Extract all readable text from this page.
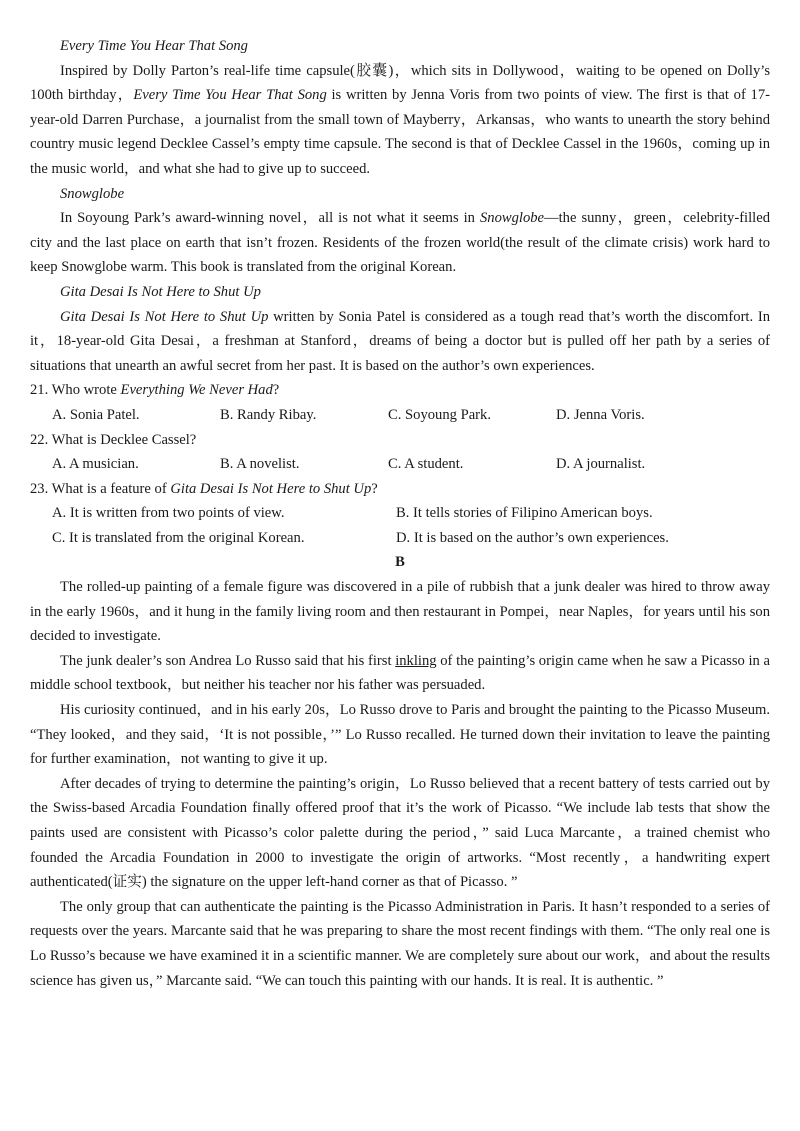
Every Time You Hear That Song

Inspired by Dolly Parton’s real-life time capsule(胶囊)，which sits in Dollywood，waiting to be opened on Dolly’s 100th birthday，Every Time You Hear That Song is written by Jenna Voris from two points of view. The first is that of 17-year-old Darren Purchase，a journalist from the small town of Mayberry，Arkansas，who wants to unearth the story behind country music legend Decklee Cassel’s empty time capsule. The second is that of Decklee Cassel in the 1960s，coming up in the music world，and what she had to give up to succeed.

Snowglobe

In Soyoung Park’s award-winning novel，all is not what it seems in Snowglobe—the sunny，green，celebrity-filled city and the last place on earth that isn’t frozen. Residents of the frozen world(the result of the climate crisis) work hard to keep Snowglobe warm. This book is translated from the original Korean.

Gita Desai Is Not Here to Shut Up

Gita Desai Is Not Here to Shut Up written by Sonia Patel is considered as a tough read that’s worth the discomfort. In it，18-year-old Gita Desai，a freshman at Stanford，dreams of being a doctor but is pulled off her path by a series of situations that unearth an awful secret from her past. It is based on the author’s own experiences.

21. Who wrote Everything We Never Had?

A. Sonia Patel.	B. Randy Ribay.	C. Soyoung Park.	D. Jenna Voris.

22. What is Decklee Cassel?

A. A musician.	B. A novelist.	C. A student.	D. A journalist.

23. What is a feature of Gita Desai Is Not Here to Shut Up?

A. It is written from two points of view.	B. It tells stories of Filipino American boys.
C. It is translated from the original Korean.	D. It is based on the author’s own experiences.

B

The rolled-up painting of a female figure was discovered in a pile of rubbish that a junk dealer was hired to throw away in the early 1960s，and it hung in the family living room and then restaurant in Pompei，near Naples，for years until his son decided to investigate.

The junk dealer’s son Andrea Lo Russo said that his first inkling of the painting’s origin came when he saw a Picasso in a middle school textbook，but neither his teacher nor his father was persuaded.

His curiosity continued，and in his early 20s，Lo Russo drove to Paris and brought the painting to the Picasso Museum. “They looked，and they said，‘It is not possible，’” Lo Russo recalled. He turned down their invitation to leave the painting for further examination，not wanting to give it up.

After decades of trying to determine the painting’s origin，Lo Russo believed that a recent battery of tests carried out by the Swiss-based Arcadia Foundation finally offered proof that it’s the work of Picasso. “We include lab tests that show the paints used are consistent with Picasso’s color palette during the period，” said Luca Marcante，a trained chemist who founded the Arcadia Foundation in 2000 to investigate the origin of artworks. “Most recently，a handwriting expert authenticated(证实) the signature on the upper left-hand corner as that of Picasso. ”

The only group that can authenticate the painting is the Picasso Administration in Paris. It hasn’t responded to a series of requests over the years. Marcante said that he was preparing to share the most recent findings with them. “The only real one is Lo Russo’s because we have examined it in a scientific manner. We are completely sure about our work，and about the results science has given us，” Marcante said. “We can touch this painting with our hands. It is real. It is authentic. ”
